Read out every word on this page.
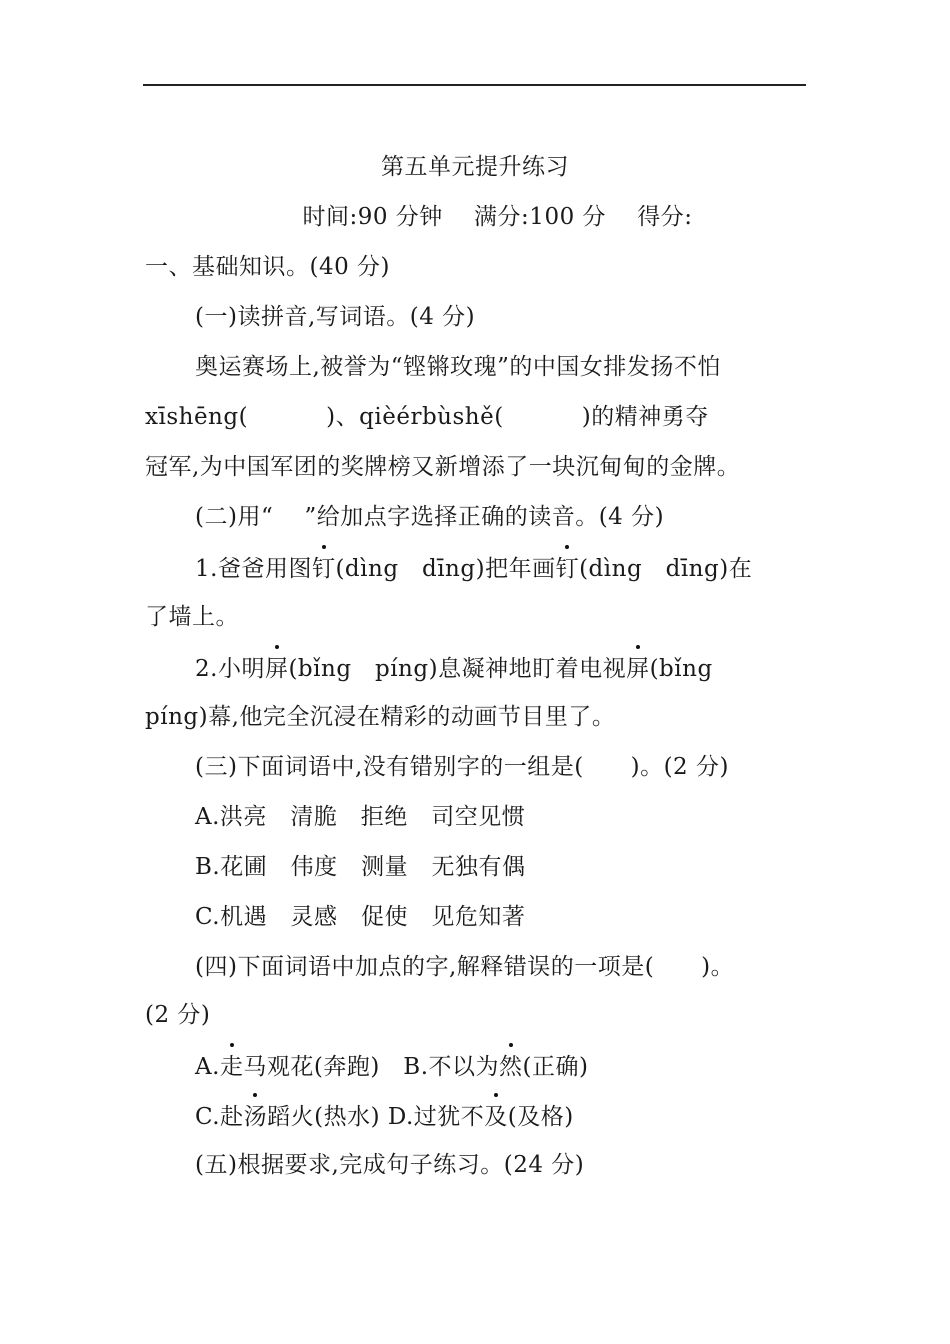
第五单元提升练习
时间:90 分钟    满分:100 分    得分:
一、基础知识。(40 分)
(一)读拼音,写词语。(4 分)
奥运赛场上,被誉为“铿锵玫瑰”的中国女排发扬不怕
xīshēng(          )、qièérbùshě(          )的精神勇夺
冠军,为中国军团的奖牌榜又新增添了一块沉甸甸的金牌。
(二)用“    ”给加点字选择正确的读音。(4 分)
1.爸爸用图钉(dìng   dīng)把年画钉(dìng   dīng)在
了墙上。
2.小明屏(bǐng   píng)息凝神地盯着电视屏(bǐng
píng)幕,他完全沉浸在精彩的动画节目里了。
(三)下面词语中,没有错别字的一组是(      )。(2 分)
A.洪亮   清脆   拒绝   司空见惯
B.花圃   伟度   测量   无独有偶
C.机遇   灵感   促使   见危知著
(四)下面词语中加点的字,解释错误的一项是(      )。
(2 分)
A.走马观花(奔跑)   B.不以为然(正确)
C.赴汤蹈火(热水) D.过犹不及(及格)
(五)根据要求,完成句子练习。(24 分)
